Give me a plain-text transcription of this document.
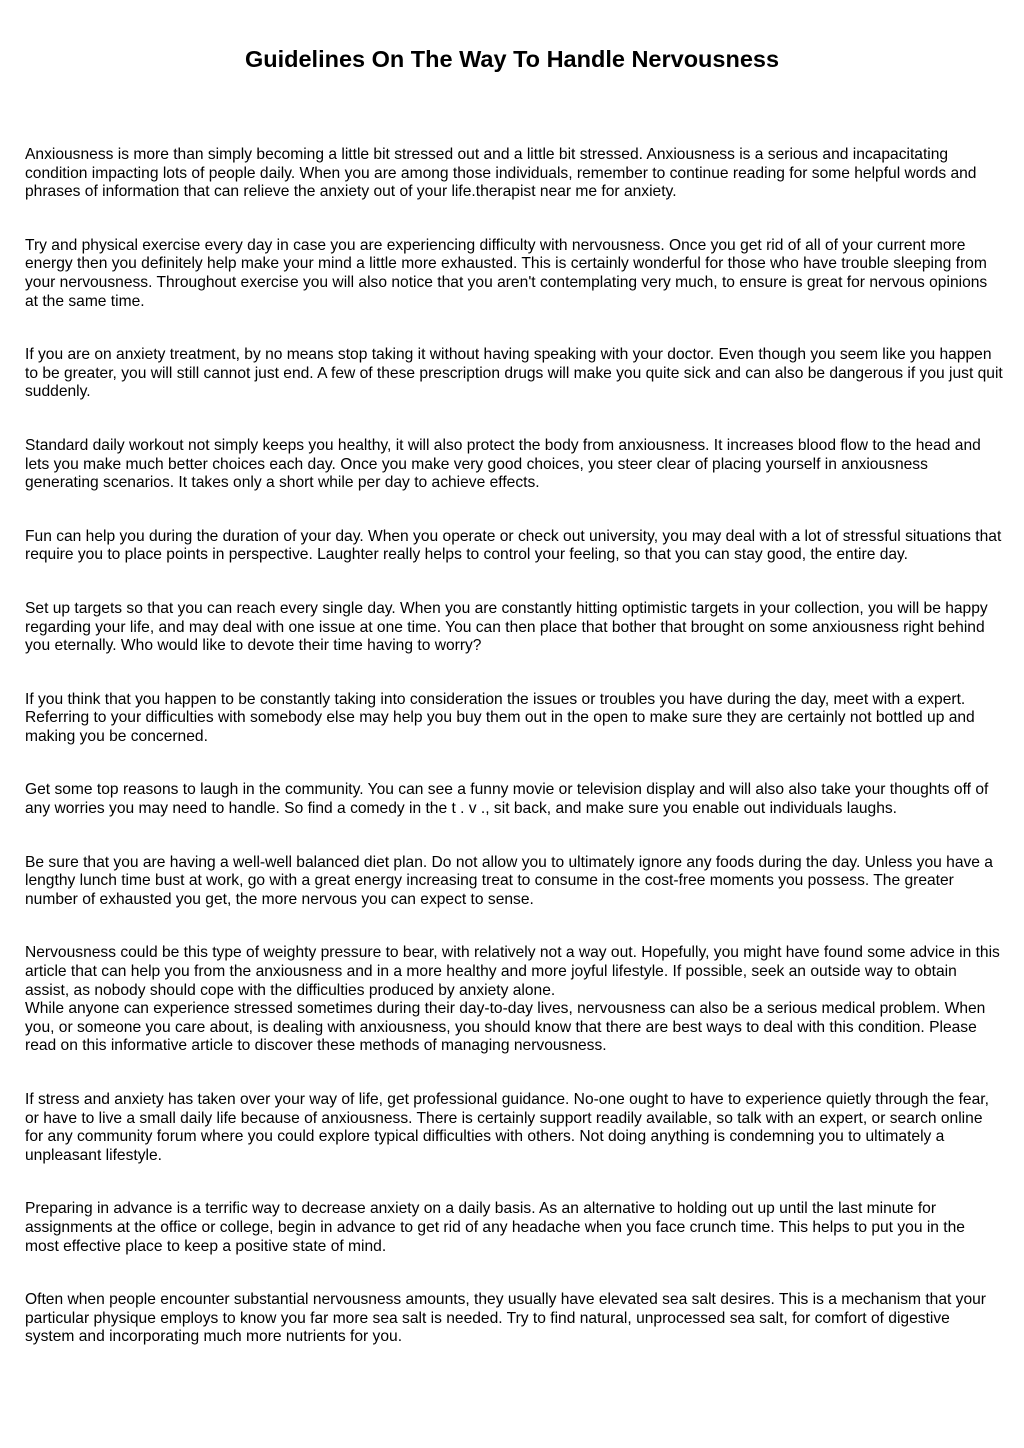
Guidelines On The Way To Handle Nervousness

Anxiousness is more than simply becoming a little bit stressed out and a little bit stressed. Anxiousness is a serious and incapacitating condition impacting lots of people daily. When you are among those individuals, remember to continue reading for some helpful words and phrases of information that can relieve the anxiety out of your life.therapist near me for anxiety.

Try and physical exercise every day in case you are experiencing difficulty with nervousness. Once you get rid of all of your current more energy then you definitely help make your mind a little more exhausted. This is certainly wonderful for those who have trouble sleeping from your nervousness. Throughout exercise you will also notice that you aren't contemplating very much, to ensure is great for nervous opinions at the same time.

If you are on anxiety treatment, by no means stop taking it without having speaking with your doctor. Even though you seem like you happen to be greater, you will still cannot just end. A few of these prescription drugs will make you quite sick and can also be dangerous if you just quit suddenly.

Standard daily workout not simply keeps you healthy, it will also protect the body from anxiousness. It increases blood flow to the head and lets you make much better choices each day. Once you make very good choices, you steer clear of placing yourself in anxiousness generating scenarios. It takes only a short while per day to achieve effects.

Fun can help you during the duration of your day. When you operate or check out university, you may deal with a lot of stressful situations that require you to place points in perspective. Laughter really helps to control your feeling, so that you can stay good, the entire day.

Set up targets so that you can reach every single day. When you are constantly hitting optimistic targets in your collection, you will be happy regarding your life, and may deal with one issue at one time. You can then place that bother that brought on some anxiousness right behind you eternally. Who would like to devote their time having to worry?

If you think that you happen to be constantly taking into consideration the issues or troubles you have during the day, meet with a expert. Referring to your difficulties with somebody else may help you buy them out in the open to make sure they are certainly not bottled up and making you be concerned.

Get some top reasons to laugh in the community. You can see a funny movie or television display and will also also take your thoughts off of any worries you may need to handle. So find a comedy in the t . v ., sit back, and make sure you enable out individuals laughs.

Be sure that you are having a well-well balanced diet plan. Do not allow you to ultimately ignore any foods during the day. Unless you have a lengthy lunch time bust at work, go with a great energy increasing treat to consume in the cost-free moments you possess. The greater number of exhausted you get, the more nervous you can expect to sense.

Nervousness could be this type of weighty pressure to bear, with relatively not a way out. Hopefully, you might have found some advice in this article that can help you from the anxiousness and in a more healthy and more joyful lifestyle. If possible, seek an outside way to obtain assist, as nobody should cope with the difficulties produced by anxiety alone.

While anyone can experience stressed sometimes during their day-to-day lives, nervousness can also be a serious medical problem. When you, or someone you care about, is dealing with anxiousness, you should know that there are best ways to deal with this condition. Please read on this informative article to discover these methods of managing nervousness.

If stress and anxiety has taken over your way of life, get professional guidance. No-one ought to have to experience quietly through the fear, or have to live a small daily life because of anxiousness. There is certainly support readily available, so talk with an expert, or search online for any community forum where you could explore typical difficulties with others. Not doing anything is condemning you to ultimately a unpleasant lifestyle.

Preparing in advance is a terrific way to decrease anxiety on a daily basis. As an alternative to holding out up until the last minute for assignments at the office or college, begin in advance to get rid of any headache when you face crunch time. This helps to put you in the most effective place to keep a positive state of mind.

Often when people encounter substantial nervousness amounts, they usually have elevated sea salt desires. This is a mechanism that your particular physique employs to know you far more sea salt is needed. Try to find natural, unprocessed sea salt, for comfort of digestive system and incorporating much more nutrients for you.
